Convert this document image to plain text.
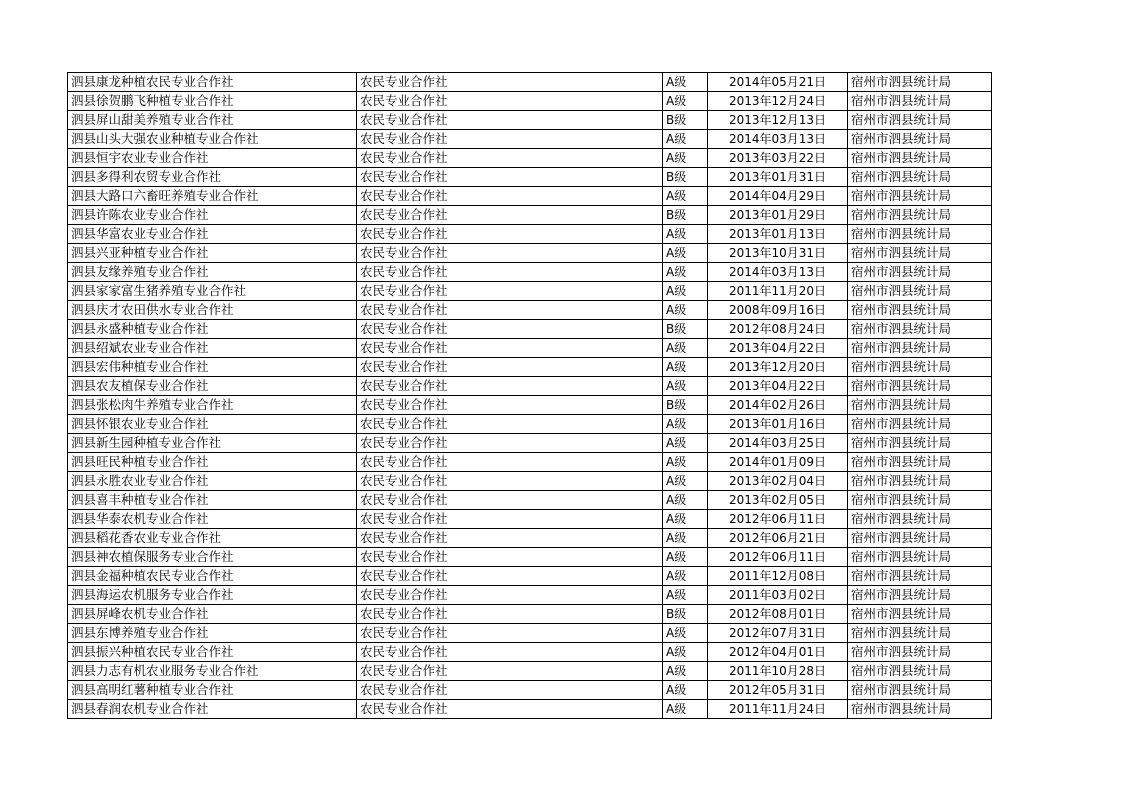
泗县康龙种植农民专业合作社	农民专业合作社	A级	2014年05月21日	宿州市泗县统计局
泗县徐贺鹏飞种植专业合作社	农民专业合作社	A级	2013年12月24日	宿州市泗县统计局
泗县屏山甜美养殖专业合作社	农民专业合作社	B级	2013年12月13日	宿州市泗县统计局
泗县山头大强农业种植专业合作社	农民专业合作社	A级	2014年03月13日	宿州市泗县统计局
泗县恒宇农业专业合作社	农民专业合作社	A级	2013年03月22日	宿州市泗县统计局
泗县多得利农贸专业合作社	农民专业合作社	B级	2013年01月31日	宿州市泗县统计局
泗县大路口六畜旺养殖专业合作社	农民专业合作社	A级	2014年04月29日	宿州市泗县统计局
泗县许陈农业专业合作社	农民专业合作社	B级	2013年01月29日	宿州市泗县统计局
泗县华富农业专业合作社	农民专业合作社	A级	2013年01月13日	宿州市泗县统计局
泗县兴亚种植专业合作社	农民专业合作社	A级	2013年10月31日	宿州市泗县统计局
泗县友缘养殖专业合作社	农民专业合作社	A级	2014年03月13日	宿州市泗县统计局
泗县家家富生猪养殖专业合作社	农民专业合作社	A级	2011年11月20日	宿州市泗县统计局
泗县庆才农田供水专业合作社	农民专业合作社	A级	2008年09月16日	宿州市泗县统计局
泗县永盛种植专业合作社	农民专业合作社	B级	2012年08月24日	宿州市泗县统计局
泗县绍斌农业专业合作社	农民专业合作社	A级	2013年04月22日	宿州市泗县统计局
泗县宏伟种植专业合作社	农民专业合作社	A级	2013年12月20日	宿州市泗县统计局
泗县农友植保专业合作社	农民专业合作社	A级	2013年04月22日	宿州市泗县统计局
泗县张松肉牛养殖专业合作社	农民专业合作社	B级	2014年02月26日	宿州市泗县统计局
泗县怀银农业专业合作社	农民专业合作社	A级	2013年01月16日	宿州市泗县统计局
泗县新生园种植专业合作社	农民专业合作社	A级	2014年03月25日	宿州市泗县统计局
泗县旺民种植专业合作社	农民专业合作社	A级	2014年01月09日	宿州市泗县统计局
泗县永胜农业专业合作社	农民专业合作社	A级	2013年02月04日	宿州市泗县统计局
泗县喜丰种植专业合作社	农民专业合作社	A级	2013年02月05日	宿州市泗县统计局
泗县华泰农机专业合作社	农民专业合作社	A级	2012年06月11日	宿州市泗县统计局
泗县稻花香农业专业合作社	农民专业合作社	A级	2012年06月21日	宿州市泗县统计局
泗县神农植保服务专业合作社	农民专业合作社	A级	2012年06月11日	宿州市泗县统计局
泗县金福种植农民专业合作社	农民专业合作社	A级	2011年12月08日	宿州市泗县统计局
泗县海运农机服务专业合作社	农民专业合作社	A级	2011年03月02日	宿州市泗县统计局
泗县屏峰农机专业合作社	农民专业合作社	B级	2012年08月01日	宿州市泗县统计局
泗县东博养殖专业合作社	农民专业合作社	A级	2012年07月31日	宿州市泗县统计局
泗县振兴种植农民专业合作社	农民专业合作社	A级	2012年04月01日	宿州市泗县统计局
泗县力志有机农业服务专业合作社	农民专业合作社	A级	2011年10月28日	宿州市泗县统计局
泗县高明红薯种植专业合作社	农民专业合作社	A级	2012年05月31日	宿州市泗县统计局
泗县春润农机专业合作社	农民专业合作社	A级	2011年11月24日	宿州市泗县统计局
